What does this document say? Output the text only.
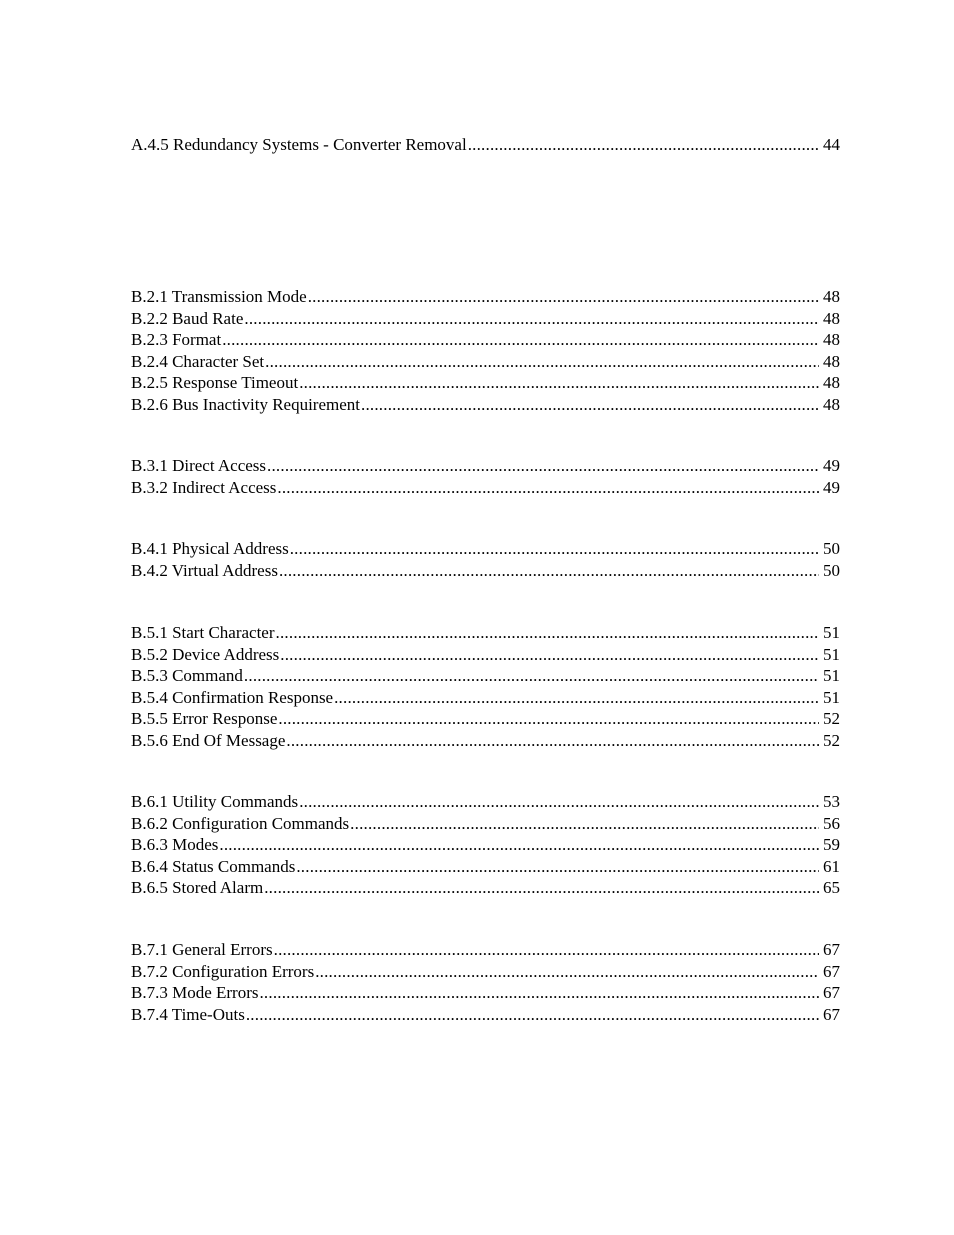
A.4.5 Redundancy Systems - Converter Removal .....	44
B.2.1 Transmission Mode .....	48
B.2.2 Baud Rate .....	48
B.2.3 Format .....	48
B.2.4 Character Set .....	48
B.2.5 Response Timeout .....	48
B.2.6 Bus Inactivity Requirement .....	48
B.3.1 Direct Access .....	49
B.3.2 Indirect Access .....	49
B.4.1 Physical Address .....	50
B.4.2 Virtual Address .....	50
B.5.1 Start Character .....	51
B.5.2 Device Address .....	51
B.5.3 Command .....	51
B.5.4 Confirmation Response .....	51
B.5.5 Error Response .....	52
B.5.6 End Of Message .....	52
B.6.1 Utility Commands .....	53
B.6.2 Configuration Commands .....	56
B.6.3 Modes .....	59
B.6.4 Status Commands .....	61
B.6.5 Stored Alarm .....	65
B.7.1 General Errors .....	67
B.7.2 Configuration Errors .....	67
B.7.3 Mode Errors .....	67
B.7.4 Time-Outs .....	67
